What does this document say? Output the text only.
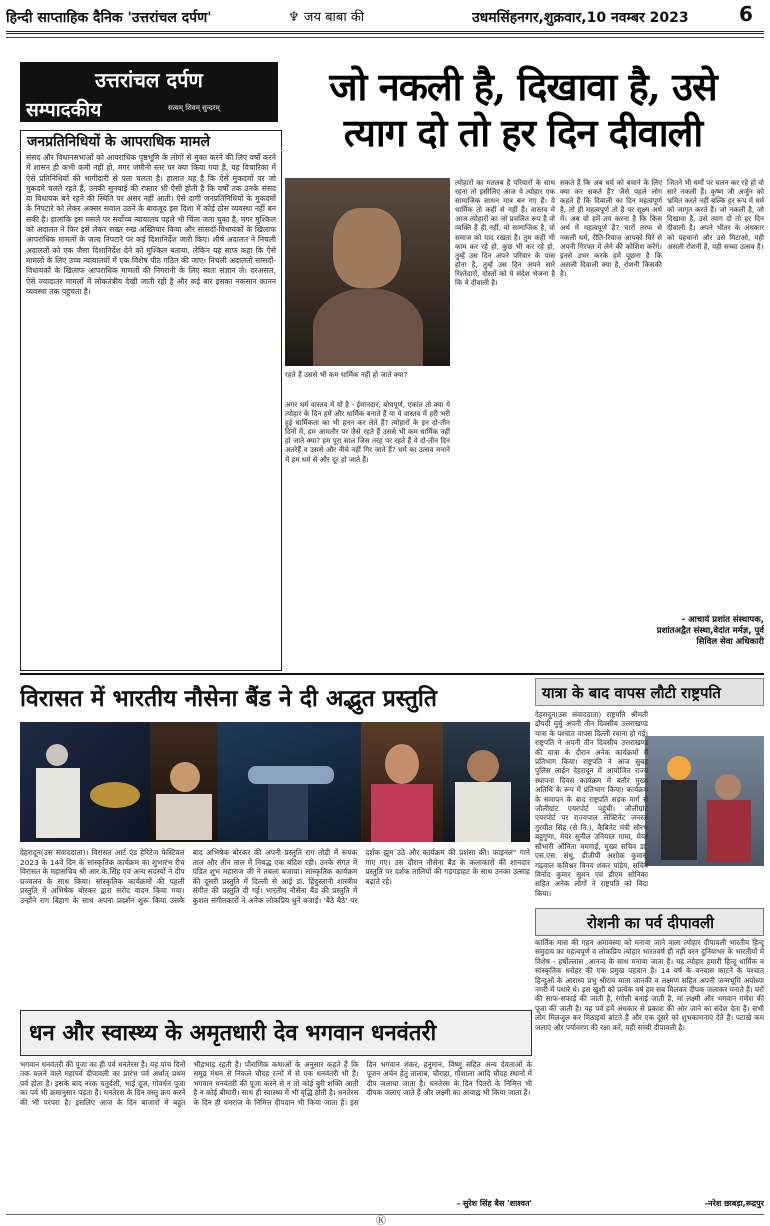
हिन्दी साप्ताहिक दैनिक 'उत्तरांचल दर्पण'	♆ जय बाबा की	उधमसिंहनगर,शुक्रवार,10 नवम्बर 2023	6
उत्तरांचल दर्पण
सम्पादकीय	सत्यम् शिवम् सुन्दरम्
जनप्रतिनिधियों के आपराधिक मामले
संसद और विधानसभाओं को आपराधिक पृष्ठभूमि के लोगों से मुक्त करने की लिए वर्षों करने में शासन ही कभी कमी नहीं हो, मगर जमीनी स्तर पर क्या किया गया है, यह विचारिका में ऐसे प्रतिनिधियों की भागीदारी से पता चलता है। हालात यह है कि ऐसे मुकदमों पर जो मुकदमे चलते रहते हैं, उनकी सुनवाई की रफ्तार भी ऐसी होती है कि वर्षों तक उनके संसद या विधायक बने रहने की स्थिति पर असर नहीं आती। ऐसे दागी जनप्रतिनिधियों के मुकदमों के निपटारे को लेकर अक्सर सवाल उठने के बावजूद इस दिशा में कोई ठोस व्यवस्था नहीं बन सकी है। हालांकि इस मसले पर सर्वोच्च न्यायालय पहले भी चिंता जता चुका है, मगर मुश्किल को अदालत ने फिर इसे लेकर सख्त रुख अख्तियार किया और सांसदों-विधायकों के खिलाफ आपराधिक मामलों के जल्द निपटारे पर कई दिशानिर्देश जारी किए। शीर्ष अदालत ने निचली अदालतों को एक जैसा दिशानिर्देश देने को मुश्किल बताया, लेकिन यह साफ कहा कि ऐसे मामलों के लिए उच्च न्यायालयों में एक विशेष पीठ गठित की जाए। निचली अदालतों सांसदों-विधायकों के खिलाफ आपराधिक मामलों की निगरानी के लिए स्वतः संज्ञान ले। दरअसल, ऐसे ज्यादातर मामलों में लोकतंत्रीय देखी जाती रही है और कई बार इसका नकसान कानन व्यवस्था तक पहुंचता है।
जो नकली है, दिखावा है, उसे
त्याग दो तो हर दिन दीवाली
रहते हैं उससे भी कम धार्मिक नहीं हो जाते क्या?
त्योहारों का मतलब है परिवारों के साथ रहना तो इसीलिए आज ये त्योहार एक सामाजिक साधन मात्र बन गए हैं। ये धार्मिक तो कहीं से नहीं हैं। वास्तव में आज त्योहारों का जो प्रचलित रूप है वो व्यक्ति है ही नहीं, वो सामाजिक है, वो समाज को याद रखता है। तुम कहीं भी काम कर रहे हो, कुछ भी कर रहे हो, तुम्हें उस दिन अपने परिवार के पास होना है, तुम्हें उस दिन अपने सारे रिश्तेदारों, दोस्तों को ये संदेश भेजना है कि ये दीवाली है।
सकते हैं कि अब धर्म को बचाने के लिए क्या कर सकते हैं? जैसे पहले लोग कहते हैं कि दिवाली का दिन महत्वपूर्ण है, तो ही महत्वपूर्ण तो है पर सूक्ष्म अर्थ में। अब वो हमें तय करना है कि किस अर्थ में महत्वपूर्ण है? चारों तरफ से नकली धर्म, रीति-रिवाज आपको घिरे से अपनी गिरफ्त में लेने की कोशिश करेंगे। इनसे उभर करके हमें पूछना है कि असली दिवाली क्या है, रोशनी किसकी है।
जितने भी धर्मों पर चलन कर रहे हो वो सारे नकली हैं। कृष्ण जी अर्जुन को भ्रमित करते नहीं बल्कि हर रूप में धर्म को जागृत करते हैं। जो नकली है, जो दिखावा है, उसे त्याग दो तो हर दिन दीवाली है। अपने भीतर के अंधकार को पहचानो और उसे मिटाओ, यही असली रोशनी है, यही सच्चा उत्सव है।
अगर धर्म वास्तव में यों है - ईमानदार, बोधपूर्ण, एकांत तो क्या ये त्योहार के दिन हमें और धार्मिक बनाते हैं या ये वास्तव में हरी भरी हुई धार्मिकता का भी हनन कर लेते हैं? त्योहारों के इन दो-तीन दिनों में, हम आमतौर पर जैसे रहते हैं उससे भी कम धार्मिक नहीं हो जाते क्या? हम पूरा साल जिस तरह पर रहते हैं ये दो-तीन दिन अतरेहैं व उससे और नीचे नहीं गिर जाते हैं? धर्म का उत्सव मनाने में हम धर्म से और दूर हो जाते हैं।
- आचार्य प्रशांत संस्थापक,
प्रशांतअद्वैत संस्था,वेदांत मर्मज्ञ, पूर्व
सिविल सेवा अधिकारी
विरासत में भारतीय नौसेना बैंड ने दी अद्भुत प्रस्तुति
देहरादून(उस संवाददाता)। विरासत आर्ट एंड हेरिटेज फेस्टिवल 2023 के 14वें दिन के सांस्कृतिक कार्यक्रम का शुभारंभ रीच विरासत के महासचिव श्री आर.के.सिंह एवं अन्य सदस्यों ने दीप प्रज्वलन के साथ किया। सांस्कृतिक कार्यक्रमों की पहली प्रस्तुति में अभिषेक बोरकर द्वारा सरोद वादन किया गया। उन्होंने राग बिहाग के साथ अपना प्रदर्शन शुरू किया उसके बाद अभिषेक बोरकर की अपनी प्रस्तुति राग तोड़ी में रूपक ताल और तीन ताल में निबद्ध एक बंदिश रही। उनके संगत में पंडित शुभ महाराज जी ने तबला बजाया। सांस्कृतिक कार्यक्रम की दूसरी प्रस्तुति में दिल्ली से आई डा. हिंदुस्तानी शास्त्रीय संगीत की प्रस्तुति दी गई। भारतीय नौसेना बैंड की प्रस्तुति में कुशल संगीतकारों ने अनेक लोकप्रिय धुनें बजाई। 'बैठे बैठे' पर दर्शक झूम उठे और कार्यक्रम की प्रशंसा की। फाइनल" गाने गाए गए। उस दौरान नौसेना बैंड के कलाकारों की शानदार प्रस्तुति पर दर्शक तालियों की गड़गड़ाहट के साथ उनका उत्साह बढ़ाते रहे।
यात्रा के बाद वापस लौटी राष्ट्रपति
देहरादून(उस संवाददाता) राष्ट्रपति श्रीमती द्रौपदी मुर्मु अपनी तीन दिवसीय उत्तराखण्ड यात्रा के पश्चात वापस दिल्ली रवाना हो गई। राष्ट्रपति ने अपनी तीन दिवसीय उत्तराखण्ड की यात्रा के दौरान अनेक कार्यक्रमों में प्रतिभाग किया। राष्ट्रपति ने आज सुबह पुलिस लाईन देहरादून में आयोजित राज्य स्थापना दिवस कार्यक्रम में बतौर मुख्य अतिथि के रूप में प्रतिभाग किया। कार्यक्रम के समापन के बाद राष्ट्रपति सड़क मार्ग से जौलीग्रांट एयरपोर्ट पहुंची। जौलीग्रांट एयरपोर्ट पर राज्यपाल लेफ्टिनेंट जनरल गुरमीत सिंह (से नि.), कैबिनेट मंत्री सौरभ बहुगुणा, मेयर सुनील उनियाल गामा, मेयर सौभारी ऑनिता ममगाईं, मुख्य सचिव डा. एस.एस. संधु, डीजीपी अशोक कुमार, गढ़वाल कमिश्नर विनय शंकर पांडेय, सचिव विनोद कुमार सुमन एवं डीएम सोनिका सहित अनेक लोगों ने राष्ट्रपति को विदा किया।
रोशनी का पर्व दीपावली
कार्तिक मास की गहन अमावस्या को मनाया जाने वाला त्योहार दीपावली भारतीय हिन्दू समुदाय का महत्वपूर्ण व लोकप्रिय त्योहार भारतवर्ष ही नहीं वरन दुनियाभर के भारतीयों में विशेष - हर्षोल्लास ,आनन्द के साथ मनाया जाता है। यह त्योहार हमारी हिन्दू धार्मिक व सांस्कृतिक धरोहर की एक प्रमुख पहचान है। 14 वर्ष के वनवास काटने के पश्चात् हिन्दुओं के आराध्य प्रभु श्रीराम माता जानकी व लक्ष्मण सहित अपनी जन्मभूमि अयोध्या नगरी में पधारे थे। इस खुशी को प्रत्येक वर्ष हम सब मिलकर दीपक जलाकर मनाते हैं। घरों की साफ-सफाई की जाती है, रंगोली बनाई जाती है, मां लक्ष्मी और भगवान गणेश की पूजा की जाती है। यह पर्व हमें अंधकार से प्रकाश की ओर जाने का संदेश देता है। सभी लोग मिलजुल कर मिठाइयां बांटते हैं और एक दूसरे को शुभकामनाएं देते हैं। पटाखे कम जलाएं और पर्यावरण की रक्षा करें, यही सच्ची दीपावली है।
-नरेश छाबड़ा,रूद्रपुर
धन और स्वास्थ्य के अमृतधारी देव भगवान धनवंतरी
भगवान धनवंतरी की पूजा का ही पर्व धनतेरस है। यह पांच दिनों तक चलने वाले महापर्व दीपावली का प्रारंभ पर्व अर्थात् प्रथम पर्व होता है। इसके बाद नरक चतुर्दशी, भाई दूज, गोवर्धन पूजा का पर्व भी क्रमानुसार पड़ता है। धनतेरस के दिन वस्तु क्रय करने की भी परंपरा है। इसलिए आज के दिन बाजारों में बहुत भीड़भाड़ रहती है। पौराणिक कथाओं के अनुसार कहते हैं कि समुद्र मंथन से निकले चौदह रत्नों में से एक धनवंतरी भी हैं। भगवान धनवंतरी की पूजा करने से न तो कोई बुरी शक्ति आती है न कोई बीमारी। साथ ही स्वास्थ्य में भी वृद्धि होती है। धनतेरस के दिन ही यमराज के निमित्त दीपदान भी किया जाता है। इस दिन भगवान शंकर, हनुमान, विष्णु सहित अन्य देवताओं के पूजन अर्चन हेतु तालाब, चौराहा, गौशाला आदि चौदह स्थानों में दीप जलाया जाता है। धनतेरस के दिन पितरों के निमित्त भी दीपक जलाए जाते हैं और लक्ष्मी का आवाह्न भी किया जाता है।
- सुरेश सिंह बैस 'शाश्वत'
Ⓚ
